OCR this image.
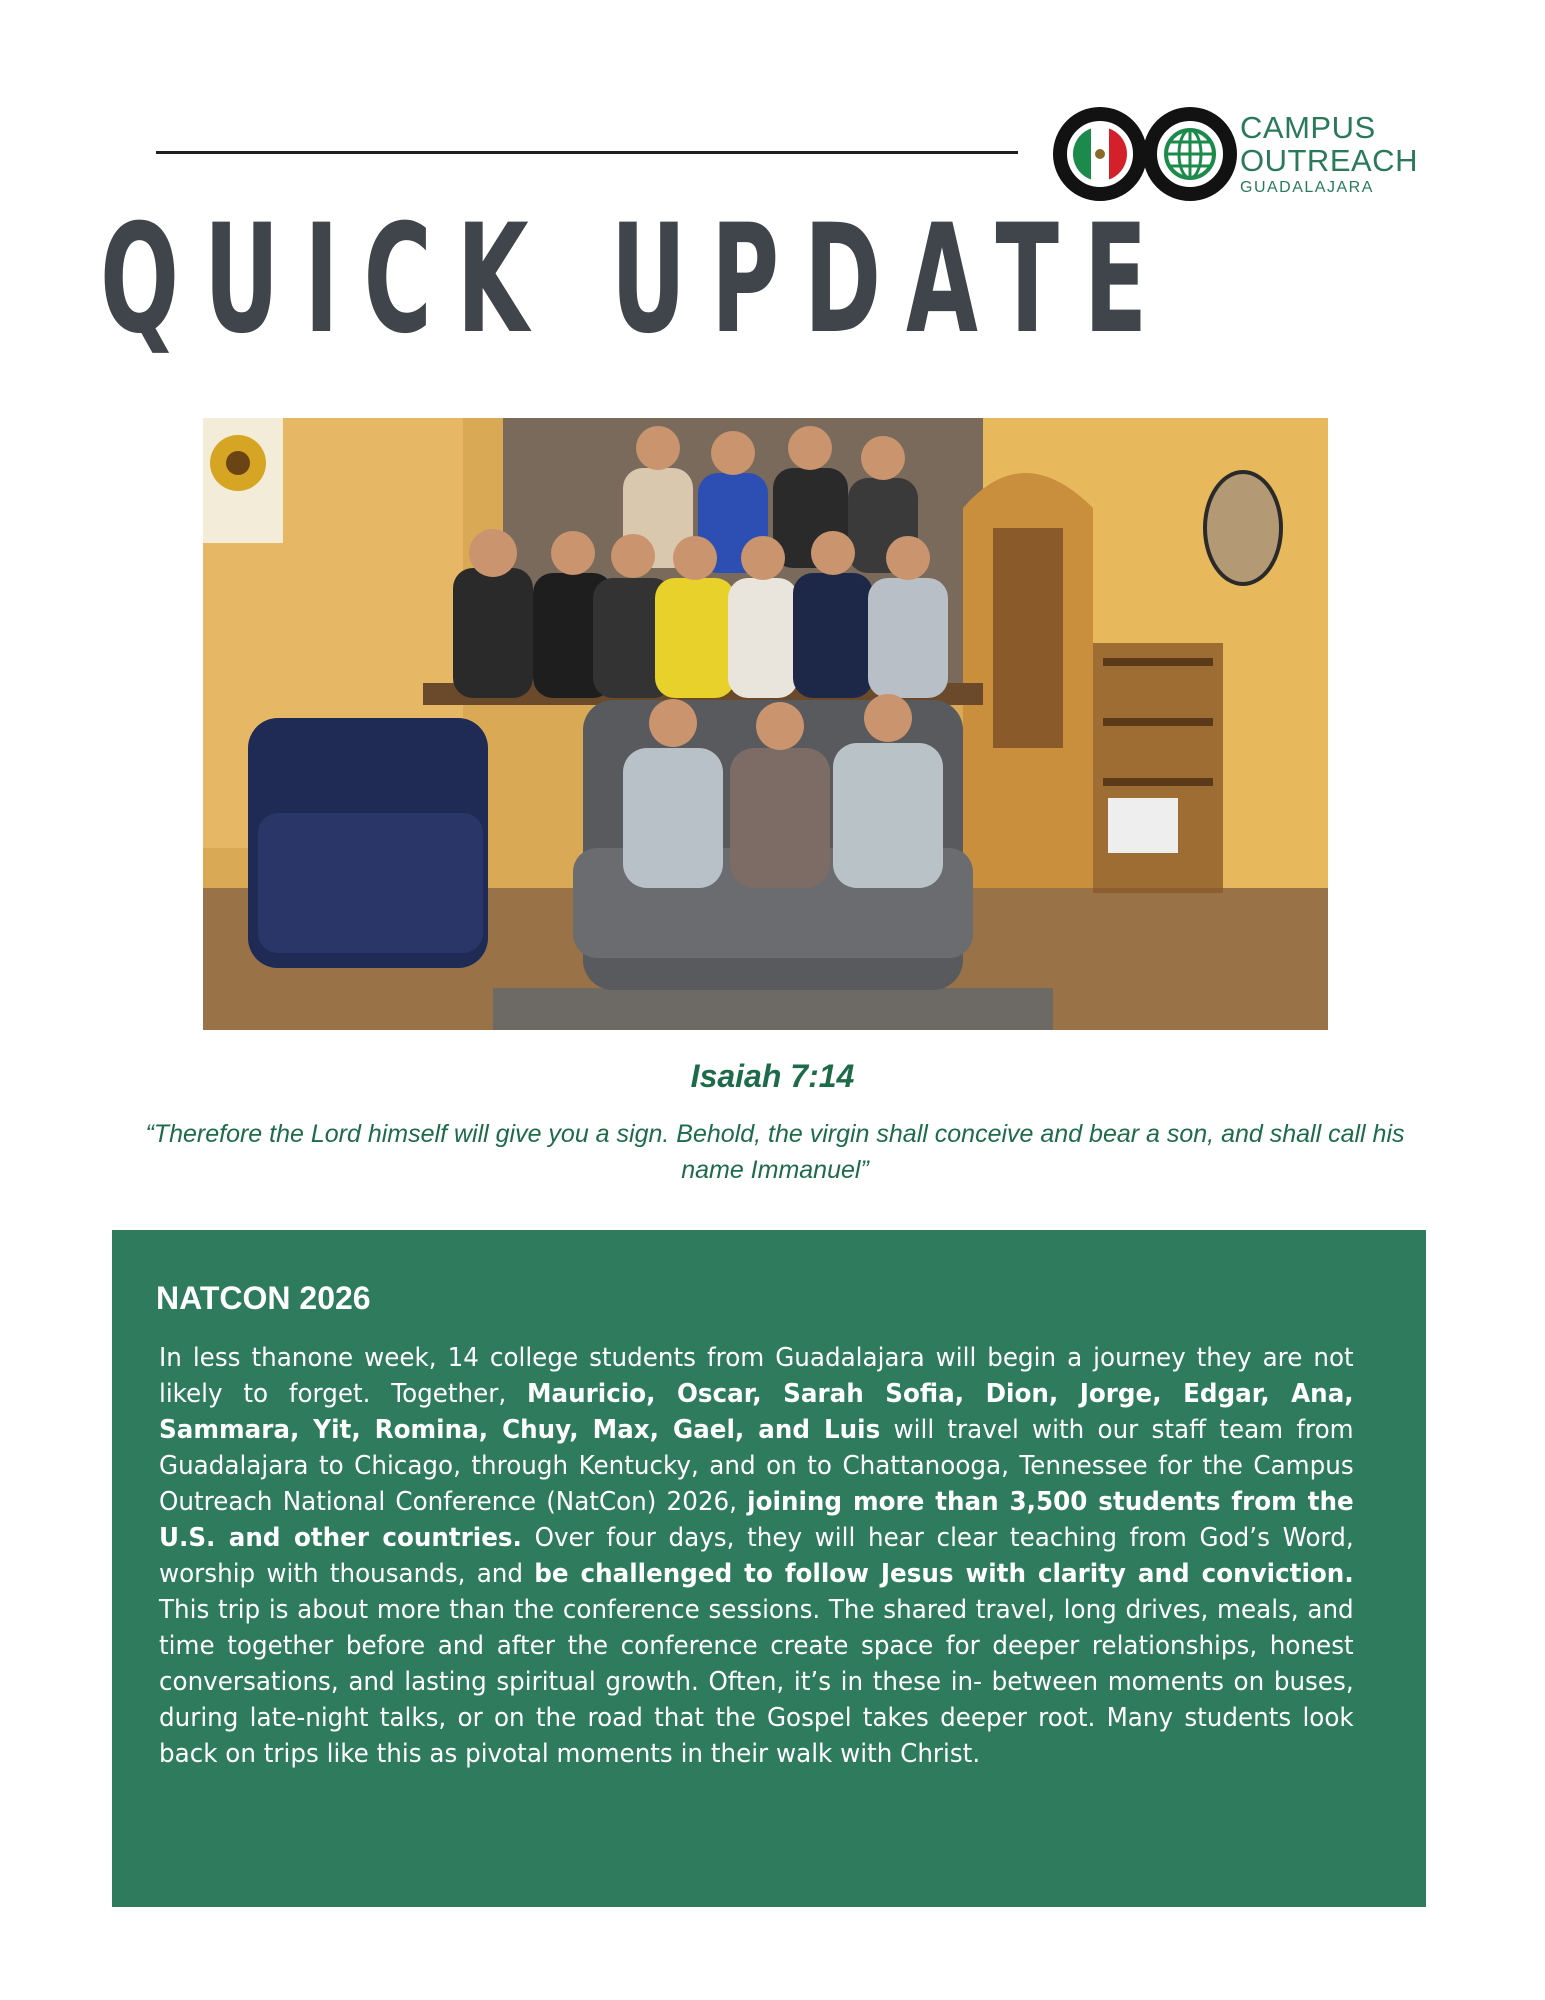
CAMPUS
OUTREACH
GUADALAJARA
QUICK UPDATE
Isaiah 7:14
“Therefore the Lord himself will give you a sign. Behold, the virgin shall conceive and bear a son, and shall call his name Immanuel”
NATCON 2026
In less thanone week, 14 college students from Guadalajara will begin a journey they are not likely to forget. Together, Mauricio, Oscar, Sarah Sofia, Dion, Jorge, Edgar, Ana, Sammara, Yit, Romina, Chuy, Max, Gael, and Luis will travel with our staff team from Guadalajara to Chicago, through Kentucky, and on to Chattanooga, Tennessee for the Campus Outreach National Conference (NatCon) 2026, joining more than 3,500 students from the U.S. and other countries. Over four days, they will hear clear teaching from God’s Word, worship with thousands, and be challenged to follow Jesus with clarity and conviction. This trip is about more than the conference sessions. The shared travel, long drives, meals, and time together before and after the conference create space for deeper relationships, honest conversations, and lasting spiritual growth. Often, it’s in these in- between moments on buses, during late-night talks, or on the road that the Gospel takes deeper root. Many students look back on trips like this as pivotal moments in their walk with Christ.
